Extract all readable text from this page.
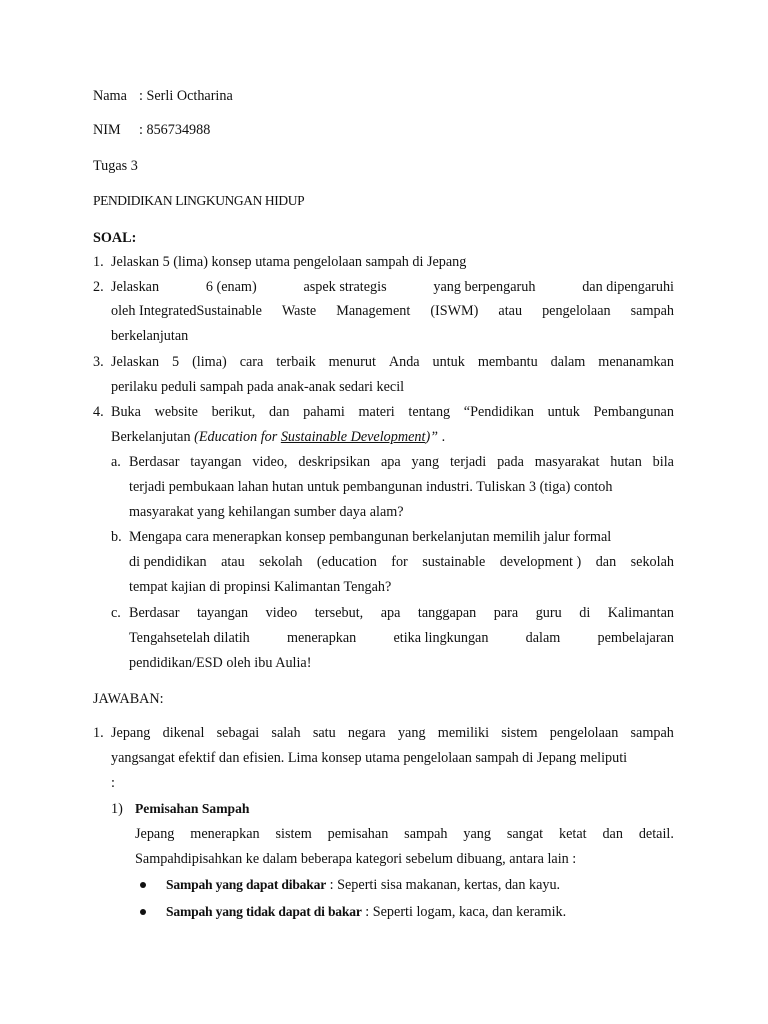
Nama : Serli Octharina
NIM : 856734988
Tugas 3
PENDIDIKAN LINGKUNGAN HIDUP
SOAL:
1. Jelaskan 5 (lima) konsep utama pengelolaan sampah di Jepang
2. Jelaskan	6 (enam)	aspek strategis	yang berpengaruh	dan dipengaruhi
oleh IntegratedSustainable Waste Management (ISWM) atau pengelolaan sampah
berkelanjutan
3. Jelaskan 5 (lima) cara terbaik menurut Anda untuk membantu dalam menanamkan
perilaku peduli sampah pada anak-anak sedari kecil
4. Buka website berikut, dan pahami materi tentang “Pendidikan untuk Pembangunan
Berkelanjutan (Education for Sustainable Development)” .
a. Berdasar tayangan video, deskripsikan apa yang terjadi pada masyarakat hutan bila
terjadi pembukaan lahan hutan untuk pembangunan industri. Tuliskan 3 (tiga) contoh
masyarakat yang kehilangan sumber daya alam?
b. Mengapa cara menerapkan konsep pembangunan berkelanjutan memilih jalur formal
di pendidikan atau sekolah (education for sustainable development ) dan sekolah
tempat kajian di propinsi Kalimantan Tengah?
c. Berdasar tayangan video tersebut, apa tanggapan para guru di Kalimantan
Tengahsetelah dilatih	menerapkan	etika lingkungan	dalam	pembelajaran
pendidikan/ESD oleh ibu Aulia!
JAWABAN:
1. Jepang dikenal sebagai salah satu negara yang memiliki sistem pengelolaan sampah
yangsangat efektif dan efisien. Lima konsep utama pengelolaan sampah di Jepang meliputi
:
1) Pemisahan Sampah
Jepang menerapkan sistem pemisahan sampah yang sangat ketat dan detail.
Sampahdipisahkan ke dalam beberapa kategori sebelum dibuang, antara lain :
Sampah yang dapat dibakar : Seperti sisa makanan, kertas, dan kayu.
Sampah yang tidak dapat di bakar : Seperti logam, kaca, dan keramik.
